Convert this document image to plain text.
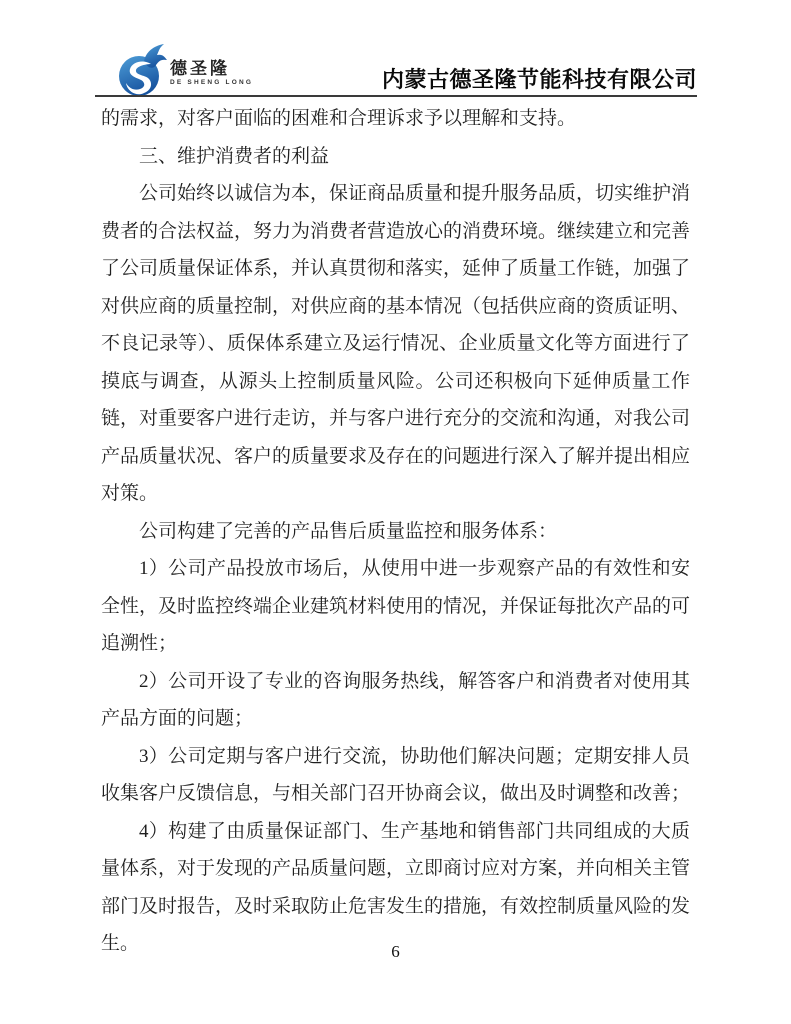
德圣隆
DE SHENG LONG	内蒙古德圣隆节能科技有限公司

的需求，对客户面临的困难和合理诉求予以理解和支持。

三、维护消费者的利益

公司始终以诚信为本，保证商品质量和提升服务品质，切实维护消费者的合法权益，努力为消费者营造放心的消费环境。继续建立和完善了公司质量保证体系，并认真贯彻和落实，延伸了质量工作链，加强了对供应商的质量控制，对供应商的基本情况（包括供应商的资质证明、不良记录等）、质保体系建立及运行情况、企业质量文化等方面进行了摸底与调查，从源头上控制质量风险。公司还积极向下延伸质量工作链，对重要客户进行走访，并与客户进行充分的交流和沟通，对我公司产品质量状况、客户的质量要求及存在的问题进行深入了解并提出相应对策。

公司构建了完善的产品售后质量监控和服务体系：

1）公司产品投放市场后，从使用中进一步观察产品的有效性和安全性，及时监控终端企业建筑材料使用的情况，并保证每批次产品的可追溯性；

2）公司开设了专业的咨询服务热线，解答客户和消费者对使用其产品方面的问题；

3）公司定期与客户进行交流，协助他们解决问题；定期安排人员收集客户反馈信息，与相关部门召开协商会议，做出及时调整和改善；

4）构建了由质量保证部门、生产基地和销售部门共同组成的大质量体系，对于发现的产品质量问题，立即商讨应对方案，并向相关主管部门及时报告，及时采取防止危害发生的措施，有效控制质量风险的发生。	6
